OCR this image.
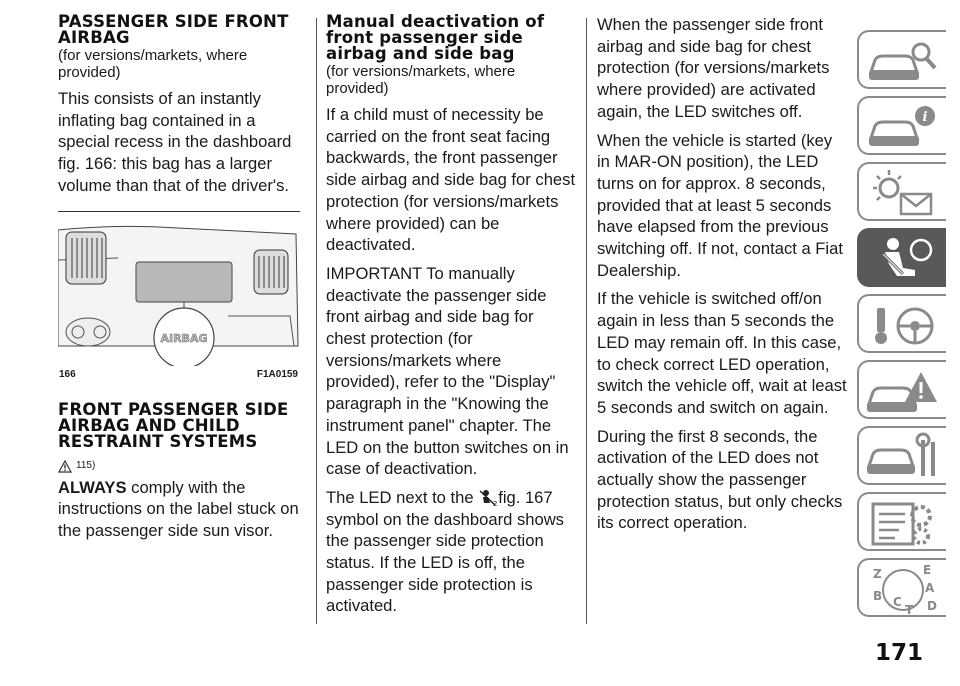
PASSENGER SIDE FRONT AIRBAG
(for versions/markets, where provided)

This consists of an instantly inflating bag contained in a special recess in the dashboard fig. 166: this bag has a larger volume than that of the driver's.

AIRBAG
166	F1A0159
FRONT PASSENGER SIDE AIRBAG AND CHILD RESTRAINT SYSTEMS
115)

ALWAYS comply with the instructions on the label stuck on the passenger side sun visor.

Manual deactivation of front passenger side airbag and side bag
(for versions/markets, where provided)

If a child must of necessity be carried on the front seat facing backwards, the front passenger side airbag and side bag for chest protection (for versions/markets where provided) can be deactivated.

IMPORTANT To manually deactivate the passenger side front airbag and side bag for chest protection (for versions/markets where provided), refer to the "Display" paragraph in the "Knowing the instrument panel" chapter. The LED on the button switches on in case of deactivation.

The LED next to the 2 fig. 167 symbol on the dashboard shows the passenger side protection status. If the LED is off, the passenger side protection is activated.

When the passenger side front airbag and side bag for chest protection (for versions/markets where provided) are activated again, the LED switches off.

When the vehicle is started (key in MAR-ON position), the LED turns on for approx. 8 seconds, provided that at least 5 seconds have elapsed from the previous switching off. If not, contact a Fiat Dealership.

If the vehicle is switched off/on again in less than 5 seconds the LED may remain off. In this case, to check correct LED operation, switch the vehicle off, wait at least 5 seconds and switch on again.

During the first 8 seconds, the activation of the LED does not actually show the passenger protection status, but only checks its correct operation.

i
Z	E
A
B C
T D
171
